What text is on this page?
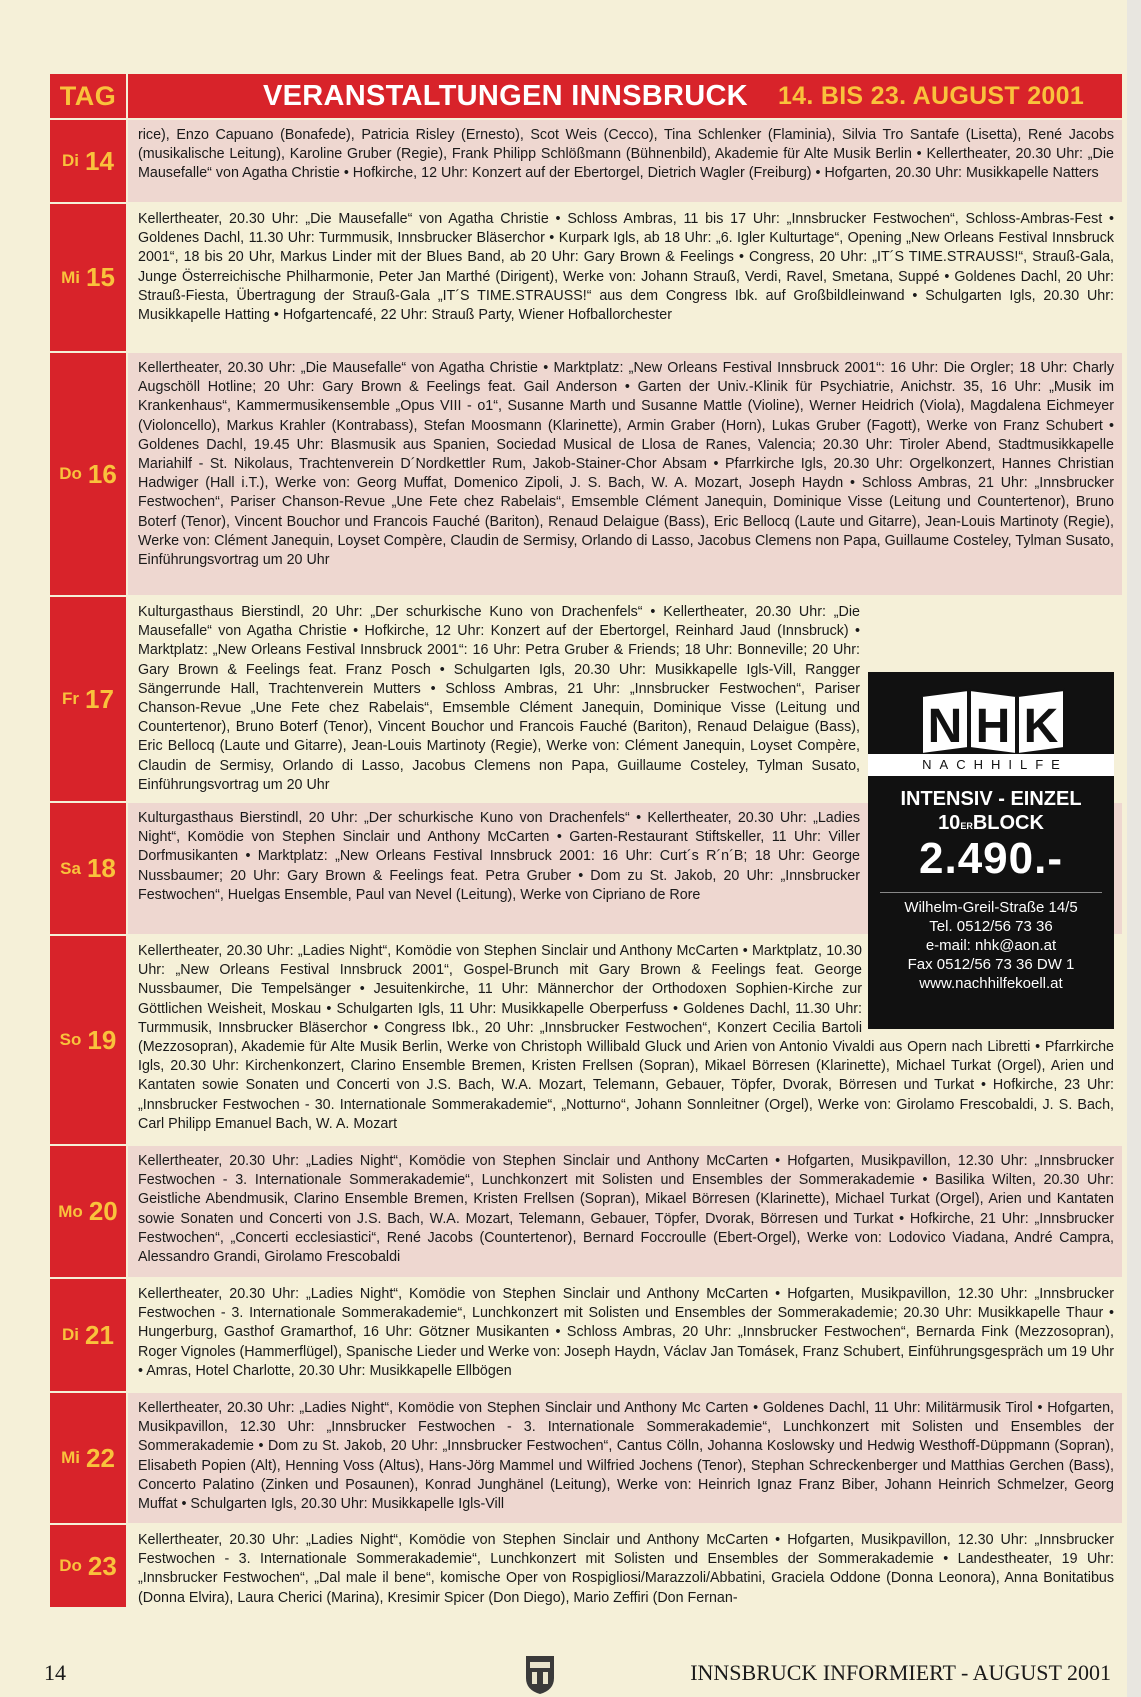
TAG	VERANSTALTUNGEN INNSBRUCK 14. BIS 23. AUGUST 2001
Di 14
rice), Enzo Capuano (Bonafede), Patricia Risley (Ernesto), Scot Weis (Cecco), Tina Schlenker (Flaminia), Silvia Tro Santafe (Lisetta), René Jacobs (musikalische Leitung), Karoline Gruber (Regie), Frank Philipp Schlößmann (Bühnenbild), Akademie für Alte Musik Berlin • Kellertheater, 20.30 Uhr: „Die Mausefalle“ von Agatha Christie • Hofkirche, 12 Uhr: Konzert auf der Ebertorgel, Dietrich Wagler (Freiburg) • Hofgarten, 20.30 Uhr: Musikkapelle Natters
Mi 15
Kellertheater, 20.30 Uhr: „Die Mausefalle“ von Agatha Christie • Schloss Ambras, 11 bis 17 Uhr: „Innsbrucker Festwochen“, Schloss-Ambras-Fest • Goldenes Dachl, 11.30 Uhr: Turmmusik, Innsbrucker Bläserchor • Kurpark Igls, ab 18 Uhr: „6. Igler Kulturtage“, Opening „New Orleans Festival Innsbruck 2001“, 18 bis 20 Uhr, Markus Linder mit der Blues Band, ab 20 Uhr: Gary Brown & Feelings • Congress, 20 Uhr: „IT´S TIME.STRAUSS!“, Strauß-Gala, Junge Österreichische Philharmonie, Peter Jan Marthé (Dirigent), Werke von: Johann Strauß, Verdi, Ravel, Smetana, Suppé • Goldenes Dachl, 20 Uhr: Strauß-Fiesta, Übertragung der Strauß-Gala „IT´S TIME.STRAUSS!“ aus dem Congress Ibk. auf Großbildleinwand • Schulgarten Igls, 20.30 Uhr: Musikkapelle Hatting • Hofgartencafé, 22 Uhr: Strauß Party, Wiener Hofballorchester
Do 16
Kellertheater, 20.30 Uhr: „Die Mausefalle“ von Agatha Christie • Marktplatz: „New Orleans Festival Innsbruck 2001“: 16 Uhr: Die Orgler; 18 Uhr: Charly Augschöll Hotline; 20 Uhr: Gary Brown & Feelings feat. Gail Anderson • Garten der Univ.-Klinik für Psychiatrie, Anichstr. 35, 16 Uhr: „Musik im Krankenhaus“, Kammermusikensemble „Opus VIII - o1“, Susanne Marth und Susanne Mattle (Violine), Werner Heidrich (Viola), Magdalena Eichmeyer (Violoncello), Markus Krahler (Kontrabass), Stefan Moosmann (Klarinette), Armin Graber (Horn), Lukas Gruber (Fagott), Werke von Franz Schubert • Goldenes Dachl, 19.45 Uhr: Blasmusik aus Spanien, Sociedad Musical de Llosa de Ranes, Valencia; 20.30 Uhr: Tiroler Abend, Stadtmusikkapelle Mariahilf - St. Nikolaus, Trachtenverein D´Nordkettler Rum, Jakob-Stainer-Chor Absam • Pfarrkirche Igls, 20.30 Uhr: Orgelkonzert, Hannes Christian Hadwiger (Hall i.T.), Werke von: Georg Muffat, Domenico Zipoli, J. S. Bach, W. A. Mozart, Joseph Haydn • Schloss Ambras, 21 Uhr: „Innsbrucker Festwochen“, Pariser Chanson-Revue „Une Fete chez Rabelais“, Emsemble Clément Janequin, Dominique Visse (Leitung und Countertenor), Bruno Boterf (Tenor), Vincent Bouchor und Francois Fauché (Bariton), Renaud Delaigue (Bass), Eric Bellocq (Laute und Gitarre), Jean-Louis Martinoty (Regie), Werke von: Clément Janequin, Loyset Compère, Claudin de Sermisy, Orlando di Lasso, Jacobus Clemens non Papa, Guillaume Costeley, Tylman Susato, Einführungsvortrag um 20 Uhr
Fr 17
Kulturgasthaus Bierstindl, 20 Uhr: „Der schurkische Kuno von Drachenfels“ • Kellertheater, 20.30 Uhr: „Die Mausefalle“ von Agatha Christie • Hofkirche, 12 Uhr: Konzert auf der Ebertorgel, Reinhard Jaud (Innsbruck) • Marktplatz: „New Orleans Festival Innsbruck 2001“: 16 Uhr: Petra Gruber & Friends; 18 Uhr: Bonneville; 20 Uhr: Gary Brown & Feelings feat. Franz Posch • Schulgarten Igls, 20.30 Uhr: Musikkapelle Igls-Vill, Rangger Sängerrunde Hall, Trachtenverein Mutters • Schloss Ambras, 21 Uhr: „Innsbrucker Festwochen“, Pariser Chanson-Revue „Une Fete chez Rabelais“, Emsemble Clément Janequin, Dominique Visse (Leitung und Countertenor), Bruno Boterf (Tenor), Vincent Bouchor und Francois Fauché (Bariton), Renaud Delaigue (Bass), Eric Bellocq (Laute und Gitarre), Jean-Louis Martinoty (Regie), Werke von: Clément Janequin, Loyset Compère, Claudin de Sermisy, Orlando di Lasso, Jacobus Clemens non Papa, Guillaume Costeley, Tylman Susato, Einführungsvortrag um 20 Uhr
Sa 18
Kulturgasthaus Bierstindl, 20 Uhr: „Der schurkische Kuno von Drachenfels“ • Kellertheater, 20.30 Uhr: „Ladies Night“, Komödie von Stephen Sinclair und Anthony McCarten • Garten-Restaurant Stiftskeller, 11 Uhr: Viller Dorfmusikanten • Marktplatz: „New Orleans Festival Innsbruck 2001: 16 Uhr: Curt´s R´n´B; 18 Uhr: George Nussbaumer; 20 Uhr: Gary Brown & Feelings feat. Petra Gruber • Dom zu St. Jakob, 20 Uhr: „Innsbrucker Festwochen“, Huelgas Ensemble, Paul van Nevel (Leitung), Werke von Cipriano de Rore
So 19
Kellertheater, 20.30 Uhr: „Ladies Night“, Komödie von Stephen Sinclair und Anthony McCarten • Marktplatz, 10.30 Uhr: „New Orleans Festival Innsbruck 2001“, Gospel-Brunch mit Gary Brown & Feelings feat. George Nussbaumer, Die Tempelsänger • Jesuitenkirche, 11 Uhr: Männerchor der Orthodoxen Sophien-Kirche zur Göttlichen Weisheit, Moskau • Schulgarten Igls, 11 Uhr: Musikkapelle Oberperfuss • Goldenes Dachl, 11.30 Uhr: Turmmusik, Innsbrucker Bläserchor • Congress Ibk., 20 Uhr: „Innsbrucker Festwochen“, Konzert Cecilia Bartoli (Mezzosopran), Akademie für Alte Musik Berlin, Werke von Christoph Willibald Gluck und Arien von Antonio Vivaldi aus Opern nach Libretti • Pfarrkirche Igls, 20.30 Uhr: Kirchenkonzert, Clarino Ensemble Bremen, Kristen Frellsen (Sopran), Mikael Börresen (Klarinette), Michael Turkat (Orgel), Arien und Kantaten sowie Sonaten und Concerti von J.S. Bach, W.A. Mozart, Telemann, Gebauer, Töpfer, Dvorak, Börresen und Turkat • Hofkirche, 23 Uhr: „Innsbrucker Festwochen - 30. Internationale Sommerakademie“, „Notturno“, Johann Sonnleitner (Orgel), Werke von: Girolamo Frescobaldi, J. S. Bach, Carl Philipp Emanuel Bach, W. A. Mozart
Mo 20
Kellertheater, 20.30 Uhr: „Ladies Night“, Komödie von Stephen Sinclair und Anthony McCarten • Hofgarten, Musikpavillon, 12.30 Uhr: „Innsbrucker Festwochen - 3. Internationale Sommerakademie“, Lunchkonzert mit Solisten und Ensembles der Sommerakademie • Basilika Wilten, 20.30 Uhr: Geistliche Abendmusik, Clarino Ensemble Bremen, Kristen Frellsen (Sopran), Mikael Börresen (Klarinette), Michael Turkat (Orgel), Arien und Kantaten sowie Sonaten und Concerti von J.S. Bach, W.A. Mozart, Telemann, Gebauer, Töpfer, Dvorak, Börresen und Turkat • Hofkirche, 21 Uhr: „Innsbrucker Festwochen“, „Concerti ecclesiastici“, René Jacobs (Countertenor), Bernard Foccroulle (Ebert-Orgel), Werke von: Lodovico Viadana, André Campra, Alessandro Grandi, Girolamo Frescobaldi
Di 21
Kellertheater, 20.30 Uhr: „Ladies Night“, Komödie von Stephen Sinclair und Anthony McCarten • Hofgarten, Musikpavillon, 12.30 Uhr: „Innsbrucker Festwochen - 3. Internationale Sommerakademie“, Lunchkonzert mit Solisten und Ensembles der Sommerakademie; 20.30 Uhr: Musikkapelle Thaur • Hungerburg, Gasthof Gramarthof, 16 Uhr: Götzner Musikanten • Schloss Ambras, 20 Uhr: „Innsbrucker Festwochen“, Bernarda Fink (Mezzosopran), Roger Vignoles (Hammerflügel), Spanische Lieder und Werke von: Joseph Haydn, Václav Jan Tomásek, Franz Schubert, Einführungsgespräch um 19 Uhr • Amras, Hotel Charlotte, 20.30 Uhr: Musikkapelle Ellbögen
Mi 22
Kellertheater, 20.30 Uhr: „Ladies Night“, Komödie von Stephen Sinclair und Anthony Mc Carten • Goldenes Dachl, 11 Uhr: Militärmusik Tirol • Hofgarten, Musikpavillon, 12.30 Uhr: „Innsbrucker Festwochen - 3. Internationale Sommerakademie“, Lunchkonzert mit Solisten und Ensembles der Sommerakademie • Dom zu St. Jakob, 20 Uhr: „Innsbrucker Festwochen“, Cantus Cölln, Johanna Koslowsky und Hedwig Westhoff-Düppmann (Sopran), Elisabeth Popien (Alt), Henning Voss (Altus), Hans-Jörg Mammel und Wilfried Jochens (Tenor), Stephan Schreckenberger und Matthias Gerchen (Bass), Concerto Palatino (Zinken und Posaunen), Konrad Junghänel (Leitung), Werke von: Heinrich Ignaz Franz Biber, Johann Heinrich Schmelzer, Georg Muffat • Schulgarten Igls, 20.30 Uhr: Musikkapelle Igls-Vill
Do 23
Kellertheater, 20.30 Uhr: „Ladies Night“, Komödie von Stephen Sinclair und Anthony McCarten • Hofgarten, Musikpavillon, 12.30 Uhr: „Innsbrucker Festwochen - 3. Internationale Sommerakademie“, Lunchkonzert mit Solisten und Ensembles der Sommerakademie • Landestheater, 19 Uhr: „Innsbrucker Festwochen“, „Dal male il bene“, komische Oper von Rospigliosi/Marazzoli/Abbatini, Graciela Oddone (Donna Leonora), Anna Bonitatibus (Donna Elvira), Laura Cherici (Marina), Kresimir Spicer (Don Diego), Mario Zeffiri (Don Fernan-
N H K
NACHHILFE
INTENSIV - EINZEL
10ERBLOCK
2.490.-
Wilhelm-Greil-Straße 14/5
Tel. 0512/56 73 36
e-mail: nhk@aon.at
Fax 0512/56 73 36 DW 1
www.nachhilfekoell.at
14	INNSBRUCK INFORMIERT - AUGUST 2001
